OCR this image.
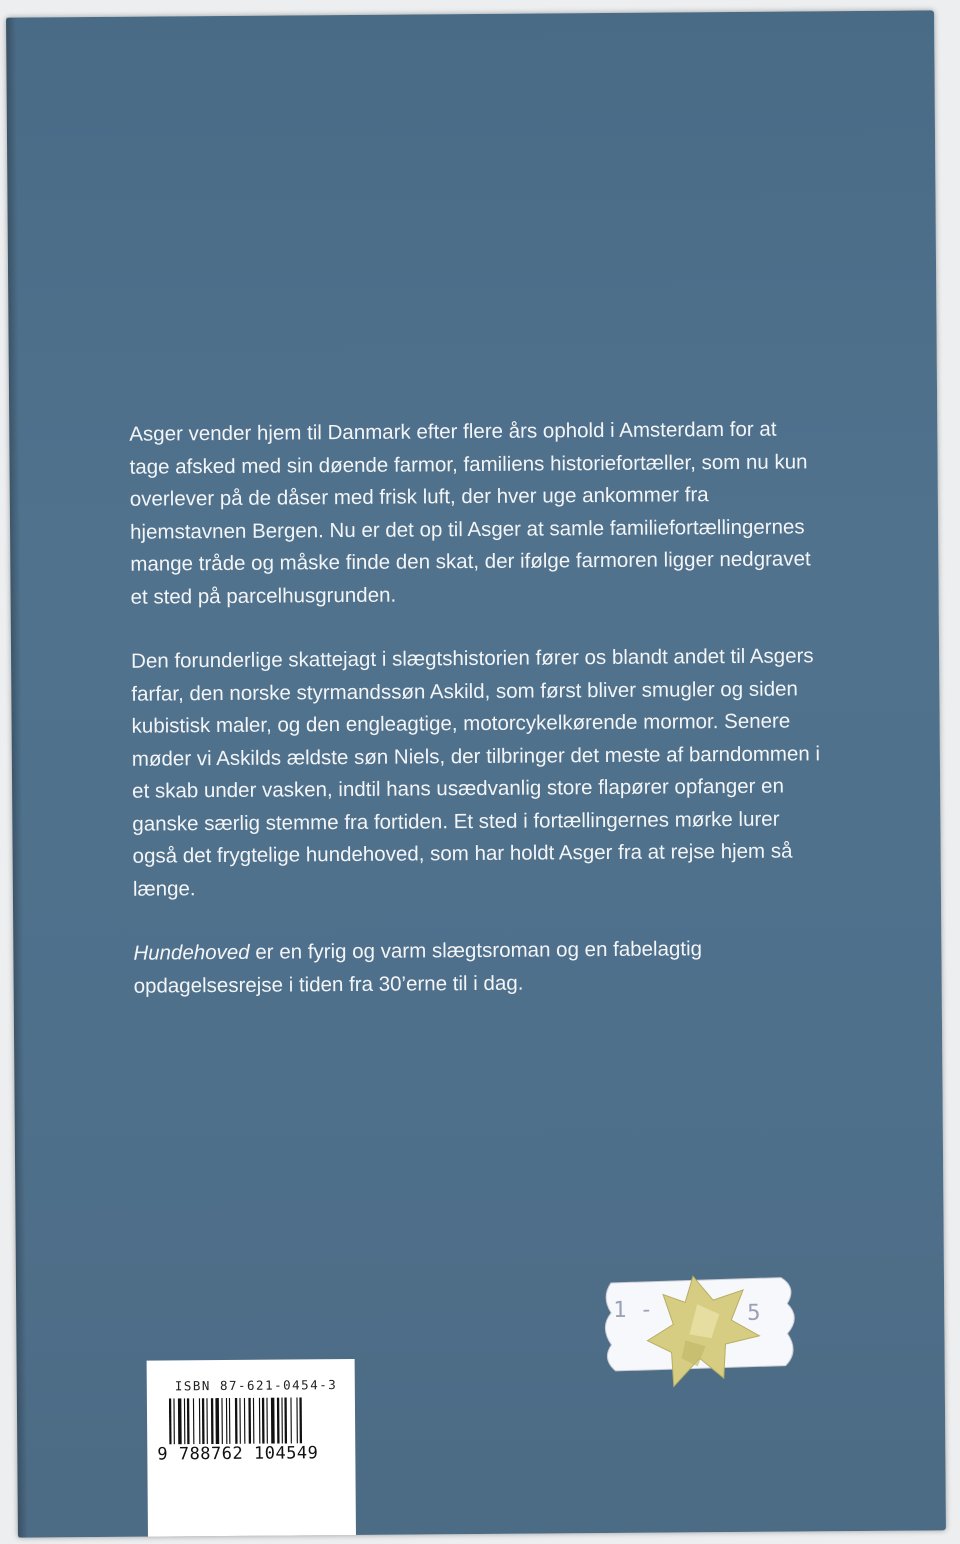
Asger vender hjem til Danmark efter flere års ophold i Amsterdam for at tage afsked med sin døende farmor, familiens historiefortæller, som nu kun overlever på de dåser med frisk luft, der hver uge ankommer fra hjemstavnen Bergen. Nu er det op til Asger at samle familiefortællingernes mange tråde og måske finde den skat, der ifølge farmoren ligger nedgravet et sted på parcelhusgrunden.

Den forunderlige skattejagt i slægtshistorien fører os blandt andet til Asgers farfar, den norske styrmandssøn Askild, som først bliver smugler og siden kubistisk maler, og den engleagtige, motorcykelkørende mormor. Senere møder vi Askilds ældste søn Niels, der tilbringer det meste af barndommen i et skab under vasken, indtil hans usædvanlig store flapører opfanger en ganske særlig stemme fra fortiden. Et sted i fortællingernes mørke lurer også det frygtelige hundehoved, som har holdt Asger fra at rejse hjem så længe.

Hundehoved er en fyrig og varm slægtsroman og en fabelagtig opdagelsesrejse i tiden fra 30’erne til i dag.

1 -	5
ISBN 87-621-0454-3
9 788762 104549
